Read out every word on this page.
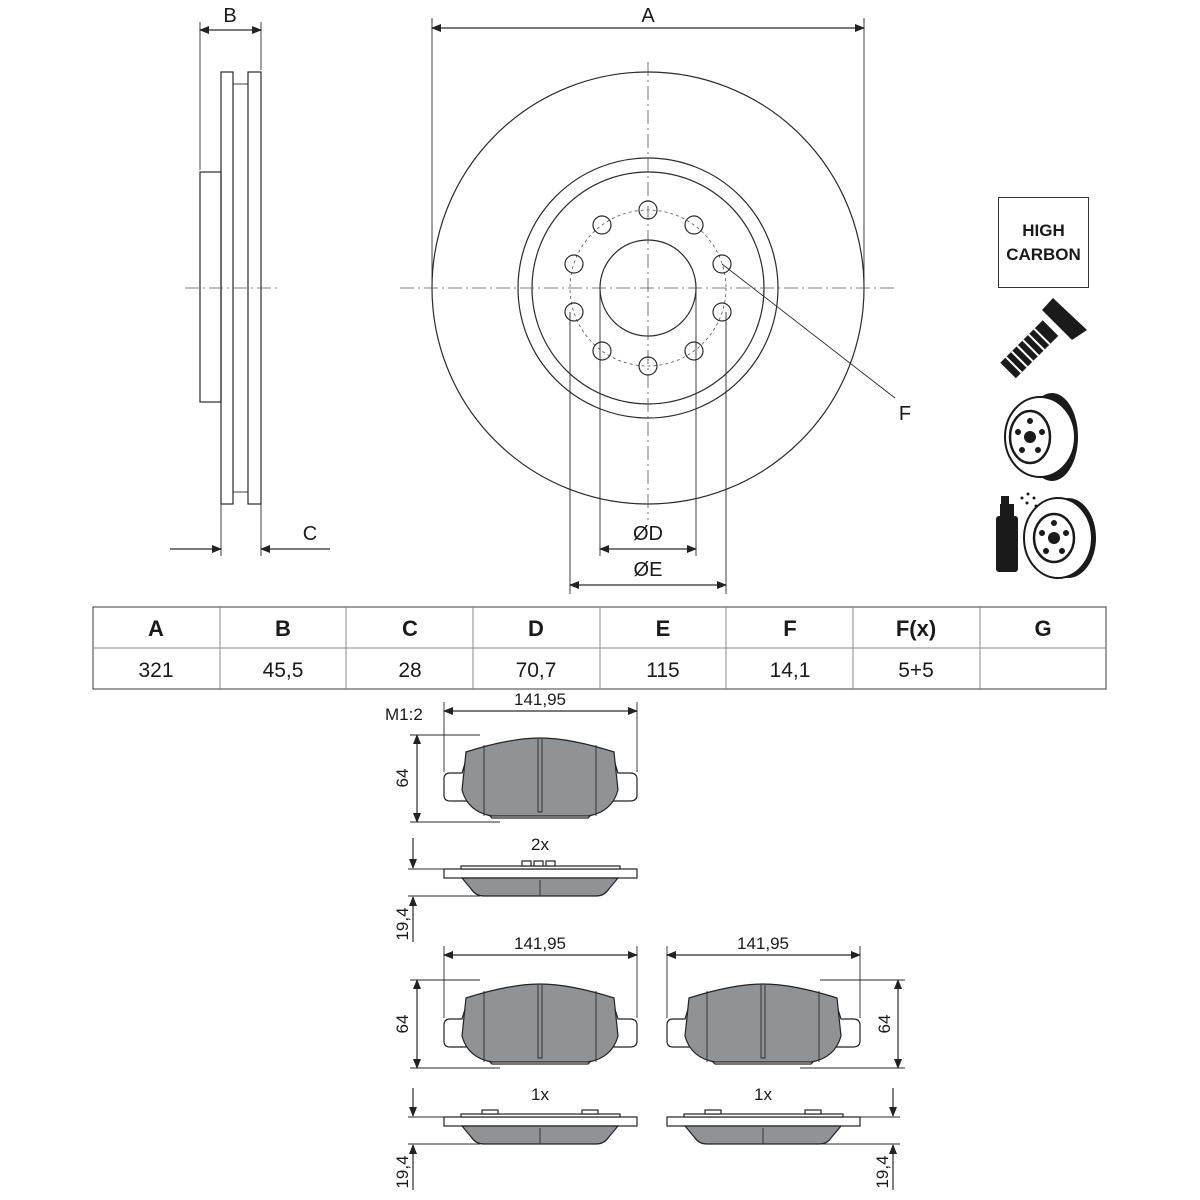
B
C
A
F
ØD
ØE
A	B	C	D	E	F	F(x)	G
321	45,5	28	70,7	115	14,1	5+5
M1:2
141,95
64
2x
19,4
141,95
64
1x
19,4
141,95
64
1x
19,4
HIGH
CARBON
